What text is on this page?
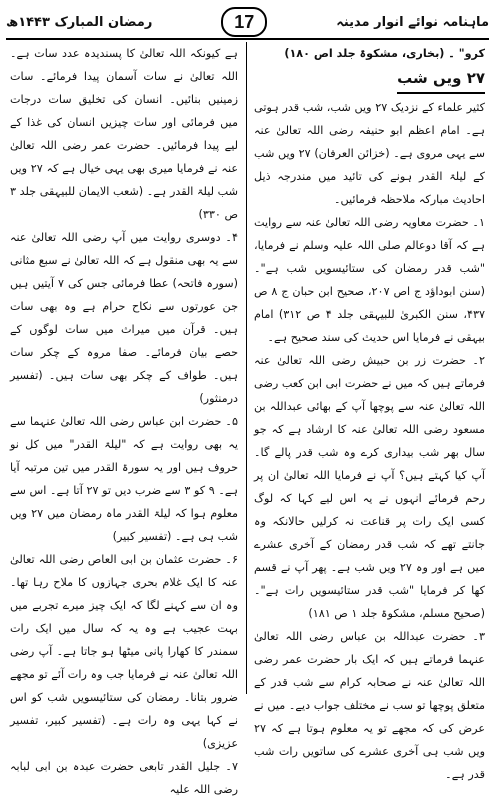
ماہنامہ نوائے انوار مدینہ
17
رمضان المبارک ۱۴۴۳ھ

کرو" ۔ (بخاری، مشکوۃ جلد اص ۱۸۰)

۲۷ ویں شب

کثیر علماء کے نزدیک ۲۷ ویں شب، شب قدر ہوتی ہے۔ امام اعظم ابو حنیفہ رضی اللہ تعالیٰ عنہ سے یہی مروی ہے۔ (خزائن العرفان) ۲۷ ویں شب کے لیلۃ القدر ہونے کی تائید میں مندرجہ ذیل احادیث مبارکہ ملاحظہ فرمائیں۔

۱۔ حضرت معاویہ رضی اللہ تعالیٰ عنہ سے روایت ہے کہ آقا دوعالم صلی اللہ علیہ وسلم نے فرمایا، "شب قدر رمضان کی ستائیسویں شب ہے"۔ (سنن ابوداؤد ج اص ۲۰۷، صحیح ابن حبان ج ۸ ص ۴۳۷، سنن الکبریٰ للبیہقی جلد ۴ ص ۳۱۲) امام بیہقی نے فرمایا اس حدیث کی سند صحیح ہے۔

۲۔ حضرت زر بن حبیش رضی اللہ تعالیٰ عنہ فرماتے ہیں کہ میں نے حضرت ابی ابن کعب رضی اللہ تعالیٰ عنہ سے پوچھا آپ کے بھائی عبداللہ بن مسعود رضی اللہ تعالیٰ عنہ کا ارشاد ہے کہ جو سال بھر شب بیداری کرے وہ شب قدر پالے گا۔ آپ کیا کہتے ہیں؟ آپ نے فرمایا اللہ تعالیٰ ان پر رحم فرمائے انہوں نے یہ اس لیے کہا کہ لوگ کسی ایک رات پر قناعت نہ کرلیں حالانکہ وہ جانتے تھے کہ شب قدر رمضان کے آخری عشرے میں ہے اور وہ ۲۷ ویں شب ہے۔ پھر آپ نے قسم کھا کر فرمایا "شب قدر ستائیسویں رات ہے"۔ (صحیح مسلم، مشکوۃ جلد ۱ ص ۱۸۱)

۳۔ حضرت عبداللہ بن عباس رضی اللہ تعالیٰ عنہما فرماتے ہیں کہ ایک بار حضرت عمر رضی اللہ تعالیٰ عنہ نے صحابہ کرام سے شب قدر کے متعلق پوچھا تو سب نے مختلف جواب دیے۔ میں نے عرض کی کہ مجھے تو یہ معلوم ہوتا ہے کہ ۲۷ ویں شب ہی آخری عشرے کی ساتویں رات شب قدر ہے۔

ہے کیونکہ اللہ تعالیٰ کا پسندیدہ عدد سات ہے۔ اللہ تعالیٰ نے سات آسمان پیدا فرمائے۔ سات زمینیں بنائیں۔ انسان کی تخلیق سات درجات میں فرمائی اور سات چیزیں انسان کی غذا کے لیے پیدا فرمائیں۔ حضرت عمر رضی اللہ تعالیٰ عنہ نے فرمایا میری بھی یہی خیال ہے کہ ۲۷ ویں شب لیلۃ القدر ہے۔ (شعب الایمان للبیہقی جلد ۳ ص ۳۳۰)

۴۔ دوسری روایت میں آپ رضی اللہ تعالیٰ عنہ سے یہ بھی منقول ہے کہ اللہ تعالیٰ نے سبع مثانی (سورہ فاتحہ) عطا فرمائی جس کی ۷ آیتیں ہیں جن عورتوں سے نکاح حرام ہے وہ بھی سات ہیں۔ قرآن میں میراث میں سات لوگوں کے حصے بیان فرمائے۔ صفا مروہ کے چکر سات ہیں۔ طواف کے چکر بھی سات ہیں۔ (تفسیر درمنثور)

۵۔ حضرت ابن عباس رضی اللہ تعالیٰ عنہما سے یہ بھی روایت ہے کہ "لیلۃ القدر" میں کل نو حروف ہیں اور یہ سورۃ القدر میں تین مرتبہ آیا ہے۔ ۹ کو ۳ سے ضرب دیں تو ۲۷ آتا ہے۔ اس سے معلوم ہوا کہ لیلۃ القدر ماہ رمضان میں ۲۷ ویں شب ہی ہے۔ (تفسیر کبیر)

۶۔ حضرت عثمان بن ابی العاص رضی اللہ تعالیٰ عنہ کا ایک غلام بحری جہازوں کا ملاح رہا تھا۔ وہ ان سے کہنے لگا کہ ایک چیز میرے تجربے میں بہت عجیب ہے وہ یہ کہ سال میں ایک رات سمندر کا کھارا پانی میٹھا ہو جاتا ہے۔ آپ رضی اللہ تعالیٰ عنہ نے فرمایا جب وہ رات آئے تو مجھے ضرور بتانا۔ رمضان کی ستائیسویں شب کو اس نے کہا یہی وہ رات ہے۔ (تفسیر کبیر، تفسیر عزیزی)

۷۔ جلیل القدر تابعی حضرت عبدہ بن ابی لبابہ رضی اللہ علیہ
